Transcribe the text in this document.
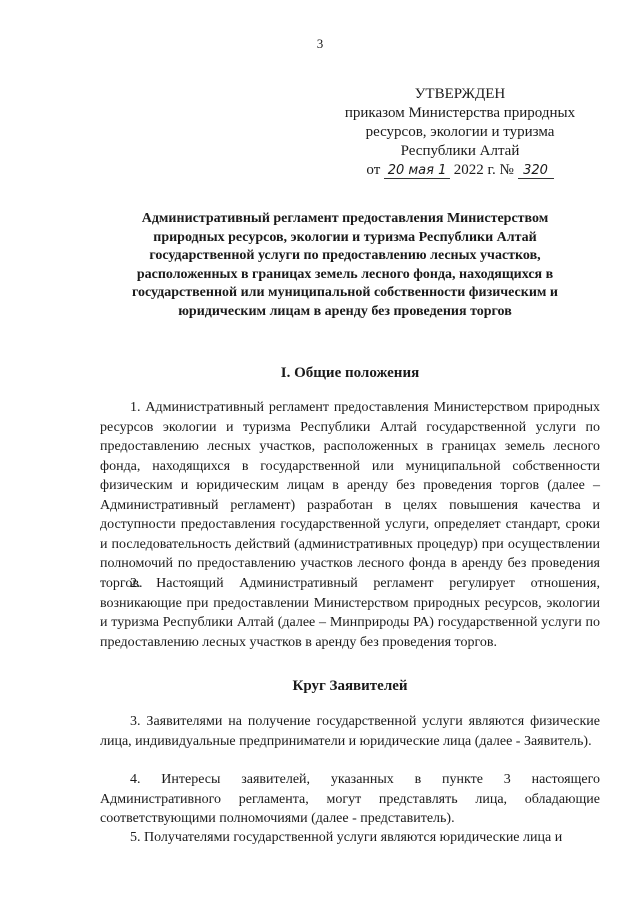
3
УТВЕРЖДЕН
приказом Министерства природных
ресурсов, экологии и туризма
Республики Алтай
от 20 мая 1 2022 г. № 320
Административный регламент предоставления Министерством природных ресурсов, экологии и туризма Республики Алтай государственной услуги по предоставлению лесных участков, расположенных в границах земель лесного фонда, находящихся в государственной или муниципальной собственности физическим и юридическим лицам в аренду без проведения торгов
I. Общие положения
1. Административный регламент предоставления Министерством природных ресурсов экологии и туризма Республики Алтай государственной услуги по предоставлению лесных участков, расположенных в границах земель лесного фонда, находящихся в государственной или муниципальной собственности физическим и юридическим лицам в аренду без проведения торгов (далее – Административный регламент) разработан в целях повышения качества и доступности предоставления государственной услуги, определяет стандарт, сроки и последовательность действий (административных процедур) при осуществлении полномочий по предоставлению участков лесного фонда в аренду без проведения торгов.
2. Настоящий Административный регламент регулирует отношения, возникающие при предоставлении Министерством природных ресурсов, экологии и туризма Республики Алтай (далее – Минприроды РА) государственной услуги по предоставлению лесных участков в аренду без проведения торгов.
Круг Заявителей
3. Заявителями на получение государственной услуги являются физические лица, индивидуальные предприниматели и юридические лица (далее - Заявитель).
4. Интересы заявителей, указанных в пункте 3 настоящего Административного регламента, могут представлять лица, обладающие соответствующими полномочиями (далее - представитель).
5. Получателями государственной услуги являются юридические лица и
